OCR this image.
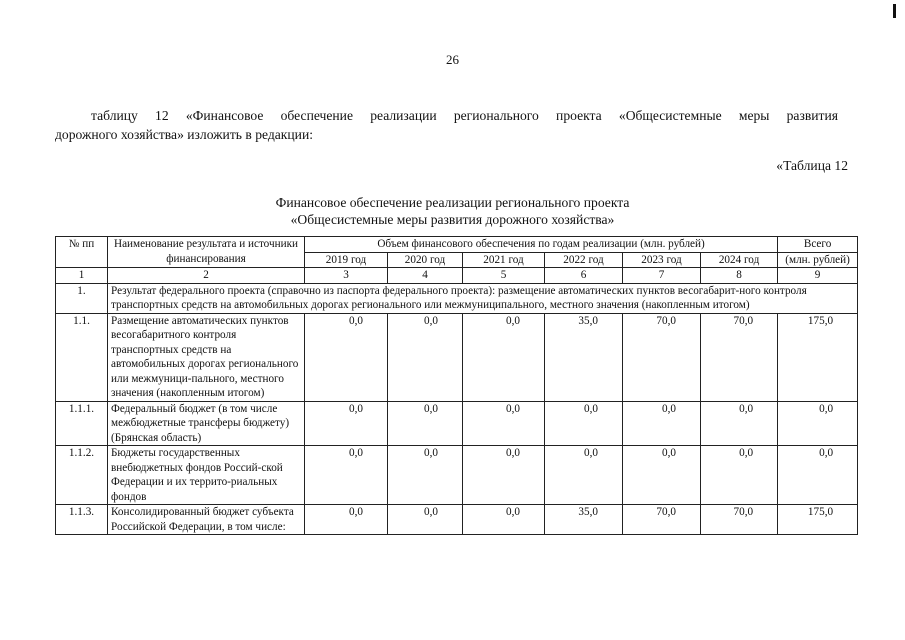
26
таблицу 12 «Финансовое обеспечение реализации регионального проекта «Общесистемные меры развития
дорожного хозяйства» изложить в редакции:
«Таблица 12
Финансовое обеспечение реализации регионального проекта
«Общесистемные меры развития дорожного хозяйства»
№ пп	Наименование результата и источники финансирования	Объем финансового обеспечения по годам реализации (млн. рублей)						Всего
		2019 год	2020 год	2021 год	2022 год	2023 год	2024 год	(млн. рублей)
1	2	3	4	5	6	7	8	9
1.	Результат федерального проекта (справочно из паспорта федерального проекта): размещение автоматических пунктов весогабарит-ного контроля транспортных средств на автомобильных дорогах регионального или межмуниципального, местного значения (накопленным итогом)							
1.1.	Размещение автоматических пунктов весогабаритного контроля транспортных средств на автомобильных дорогах регионального или межмуници-пального, местного значения (накопленным итогом)	0,0	0,0	0,0	35,0	70,0	70,0	175,0
1.1.1.	Федеральный бюджет (в том числе межбюджетные трансферы бюджету) (Брянская область)	0,0	0,0	0,0	0,0	0,0	0,0	0,0
1.1.2.	Бюджеты государственных внебюджетных фондов Россий-ской Федерации и их террито-риальных фондов	0,0	0,0	0,0	0,0	0,0	0,0	0,0
1.1.3.	Консолидированный бюджет субъекта Российской Федерации, в том числе:	0,0	0,0	0,0	35,0	70,0	70,0	175,0
